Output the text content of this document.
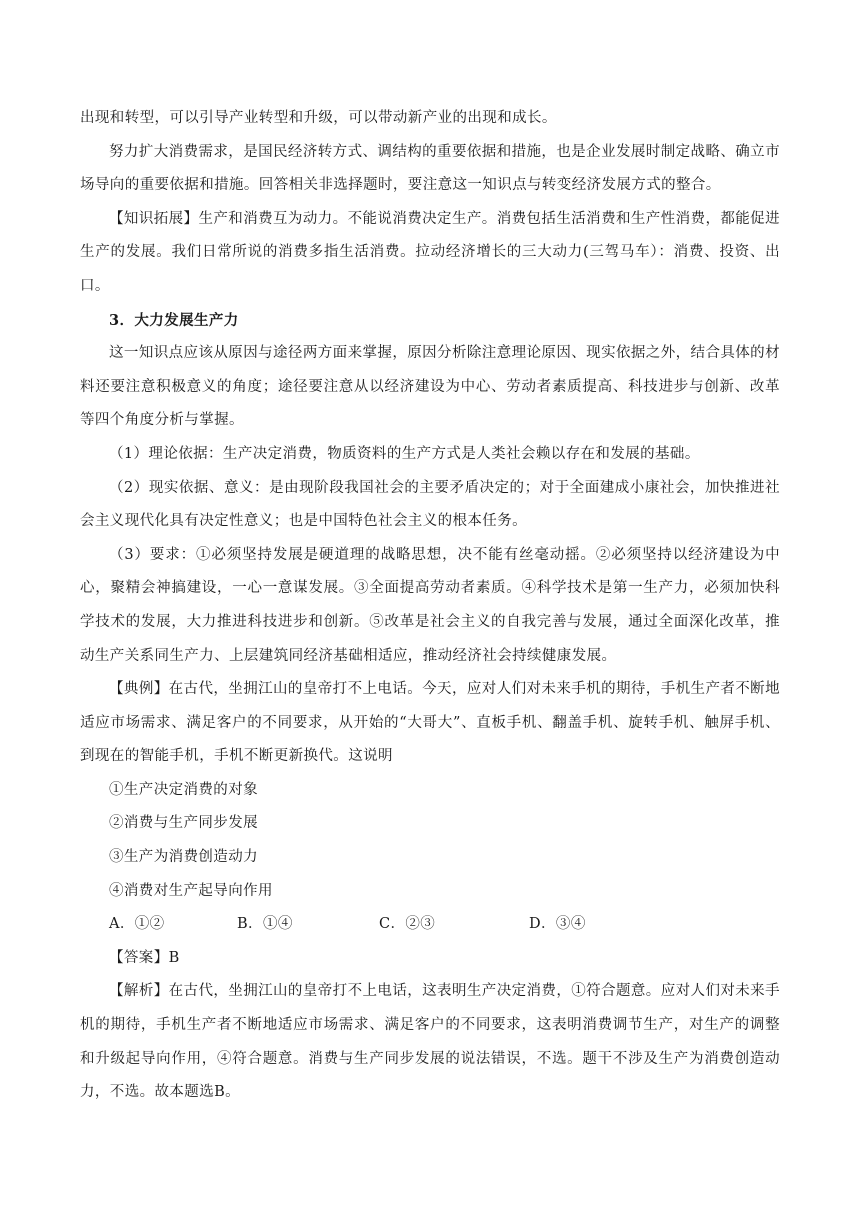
出现和转型，可以引导产业转型和升级，可以带动新产业的出现和成长。

努力扩大消费需求，是国民经济转方式、调结构的重要依据和措施，也是企业发展时制定战略、确立市场导向的重要依据和措施。回答相关非选择题时，要注意这一知识点与转变经济发展方式的整合。

【知识拓展】生产和消费互为动力。不能说消费决定生产。消费包括生活消费和生产性消费，都能促进生产的发展。我们日常所说的消费多指生活消费。拉动经济增长的三大动力(三驾马车）：消费、投资、出口。

3．大力发展生产力

这一知识点应该从原因与途径两方面来掌握，原因分析除注意理论原因、现实依据之外，结合具体的材料还要注意积极意义的角度；途径要注意从以经济建设为中心、劳动者素质提高、科技进步与创新、改革等四个角度分析与掌握。

（1）理论依据：生产决定消费，物质资料的生产方式是人类社会赖以存在和发展的基础。

（2）现实依据、意义：是由现阶段我国社会的主要矛盾决定的；对于全面建成小康社会，加快推进社会主义现代化具有决定性意义；也是中国特色社会主义的根本任务。

（3）要求：①必须坚持发展是硬道理的战略思想，决不能有丝毫动摇。②必须坚持以经济建设为中心，聚精会神搞建设，一心一意谋发展。③全面提高劳动者素质。④科学技术是第一生产力，必须加快科学技术的发展，大力推进科技进步和创新。⑤改革是社会主义的自我完善与发展，通过全面深化改革，推动生产关系同生产力、上层建筑同经济基础相适应，推动经济社会持续健康发展。

【典例】在古代，坐拥江山的皇帝打不上电话。今天，应对人们对未来手机的期待，手机生产者不断地适应市场需求、满足客户的不同要求，从开始的“大哥大”、直板手机、翻盖手机、旋转手机、触屏手机、到现在的智能手机，手机不断更新换代。这说明

①生产决定消费的对象

②消费与生产同步发展

③生产为消费创造动力

④消费对生产起导向作用

A．①②	B．①④	C．②③	D．③④

【答案】B

【解析】在古代，坐拥江山的皇帝打不上电话，这表明生产决定消费，①符合题意。应对人们对未来手机的期待，手机生产者不断地适应市场需求、满足客户的不同要求，这表明消费调节生产，对生产的调整和升级起导向作用，④符合题意。消费与生产同步发展的说法错误，不选。题干不涉及生产为消费创造动力，不选。故本题选B。
